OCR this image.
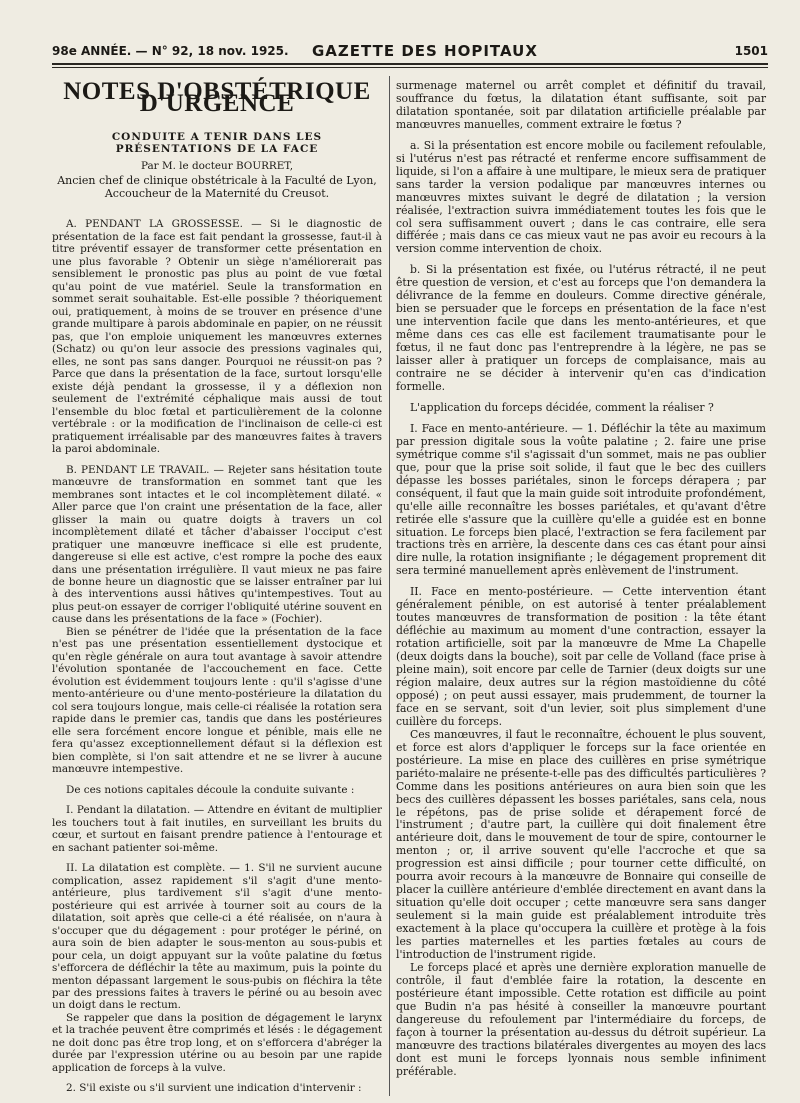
98e ANNÉE. — N° 92, 18 nov. 1925. GAZETTE DES HOPITAUX	1501
NOTES D'OBSTÉTRIQUE D'URGENCE
CONDUITE A TENIR DANS LES PRÉSENTATIONS DE LA FACE
Par M. le docteur BOURRET,
Ancien chef de clinique obstétricale à la Faculté de Lyon,
Accoucheur de la Maternité du Creusot.

A. PENDANT LA GROSSESSE. — Si le diagnostic de présentation de la face est fait pendant la grossesse, faut-il à titre préventif essayer de transformer cette présentation en une plus favorable ? Obtenir un siège n'améliorerait pas sensiblement le pronostic pas plus au point de vue fœtal qu'au point de vue matériel. Seule la transformation en sommet serait souhaitable. Est-elle possible ? théoriquement oui, pratiquement, à moins de se trouver en présence d'une grande multipare à parois abdominale en papier, on ne réussit pas, que l'on emploie uniquement les manœuvres externes (Schatz) ou qu'on leur associe des pressions vaginales qui, elles, ne sont pas sans danger. Pourquoi ne réussit-on pas ? Parce que dans la présentation de la face, surtout lorsqu'elle existe déjà pendant la grossesse, il y a déflexion non seulement de l'extrémité céphalique mais aussi de tout l'ensemble du bloc fœtal et particulièrement de la colonne vertébrale : or la modification de l'inclinaison de celle-ci est pratiquement irréalisable par des manœuvres faites à travers la paroi abdominale.

B. PENDANT LE TRAVAIL. — Rejeter sans hésitation toute manœuvre de transformation en sommet tant que les membranes sont intactes et le col incomplètement dilaté. « Aller parce que l'on craint une présentation de la face, aller glisser la main ou quatre doigts à travers un col incomplètement dilaté et tâcher d'abaisser l'occiput c'est pratiquer une manœuvre inefficace si elle est prudente, dangereuse si elle est active, c'est rompre la poche des eaux dans une présentation irrégulière. Il vaut mieux ne pas faire de bonne heure un diagnostic que se laisser entraîner par lui à des interventions aussi hâtives qu'intempestives. Tout au plus peut-on essayer de corriger l'obliquité utérine souvent en cause dans les présentations de la face » (Fochier).

Bien se pénétrer de l'idée que la présentation de la face n'est pas une présentation essentiellement dystocique et qu'en règle générale on aura tout avantage à savoir attendre l'évolution spontanée de l'accouchement en face. Cette évolution est évidemment toujours lente : qu'il s'agisse d'une mento-antérieure ou d'une mento-postérieure la dilatation du col sera toujours longue, mais celle-ci réalisée la rotation sera rapide dans le premier cas, tandis que dans les postérieures elle sera forcément encore longue et pénible, mais elle ne fera qu'assez exceptionnellement défaut si la déflexion est bien complète, si l'on sait attendre et ne se livrer à aucune manœuvre intempestive.

De ces notions capitales découle la conduite suivante :

I. Pendant la dilatation. — Attendre en évitant de multiplier les touchers tout à fait inutiles, en surveillant les bruits du cœur, et surtout en faisant prendre patience à l'entourage et en sachant patienter soi-même.

II. La dilatation est complète. — 1. S'il ne survient aucune complication, assez rapidement s'il s'agit d'une mento-antérieure, plus tardivement s'il s'agit d'une mento-postérieure qui est arrivée à tourner soit au cours de la dilatation, soit après que celle-ci a été réalisée, on n'aura à s'occuper que du dégagement : pour protéger le périné, on aura soin de bien adapter le sous-menton au sous-pubis et pour cela, un doigt appuyant sur la voûte palatine du fœtus s'efforcera de défléchir la tête au maximum, puis la pointe du menton dépassant largement le sous-pubis on fléchira la tête par des pressions faites à travers le périné ou au besoin avec un doigt dans le rectum.

Se rappeler que dans la position de dégagement le larynx et la trachée peuvent être comprimés et lésés : le dégagement ne doit donc pas être trop long, et on s'efforcera d'abréger la durée par l'expression utérine ou au besoin par une rapide application de forceps à la vulve.

2. S'il existe ou s'il survient une indication d'intervenir :

surmenage maternel ou arrêt complet et définitif du travail, souffrance du fœtus, la dilatation étant suffisante, soit par dilatation spontanée, soit par dilatation artificielle préalable par manœuvres manuelles, comment extraire le fœtus ?

a. Si la présentation est encore mobile ou facilement refoulable, si l'utérus n'est pas rétracté et renferme encore suffisamment de liquide, si l'on a affaire à une multipare, le mieux sera de pratiquer sans tarder la version podalique par manœuvres internes ou manœuvres mixtes suivant le degré de dilatation ; la version réalisée, l'extraction suivra immédiatement toutes les fois que le col sera suffisamment ouvert ; dans le cas contraire, elle sera différée ; mais dans ce cas mieux vaut ne pas avoir eu recours à la version comme intervention de choix.

b. Si la présentation est fixée, ou l'utérus rétracté, il ne peut être question de version, et c'est au forceps que l'on demandera la délivrance de la femme en douleurs. Comme directive générale, bien se persuader que le forceps en présentation de la face n'est une intervention facile que dans les mento-antérieures, et que même dans ces cas elle est facilement traumatisante pour le fœtus, il ne faut donc pas l'entreprendre à la légère, ne pas se laisser aller à pratiquer un forceps de complaisance, mais au contraire ne se décider à intervenir qu'en cas d'indication formelle.

L'application du forceps décidée, comment la réaliser ?

I. Face en mento-antérieure. — 1. Défléchir la tête au maximum par pression digitale sous la voûte palatine ; 2. faire une prise symétrique comme s'il s'agissait d'un sommet, mais ne pas oublier que, pour que la prise soit solide, il faut que le bec des cuillers dépasse les bosses pariétales, sinon le forceps dérapera ; par conséquent, il faut que la main guide soit introduite profondément, qu'elle aille reconnaître les bosses pariétales, et qu'avant d'être retirée elle s'assure que la cuillère qu'elle a guidée est en bonne situation. Le forceps bien placé, l'extraction se fera facilement par tractions très en arrière, la descente dans ces cas étant pour ainsi dire nulle, la rotation insignifiante ; le dégagement proprement dit sera terminé manuellement après enlèvement de l'instrument.

II. Face en mento-postérieure. — Cette intervention étant généralement pénible, on est autorisé à tenter préalablement toutes manœuvres de transformation de position : la tête étant défléchie au maximum au moment d'une contraction, essayer la rotation artificielle, soit par la manœuvre de Mme La Chapelle (deux doigts dans la bouche), soit par celle de Volland (face prise à pleine main), soit encore par celle de Tarnier (deux doigts sur une région malaire, deux autres sur la région mastoïdienne du côté opposé) ; on peut aussi essayer, mais prudemment, de tourner la face en se servant, soit d'un levier, soit plus simplement d'une cuillère du forceps.

Ces manœuvres, il faut le reconnaître, échouent le plus souvent, et force est alors d'appliquer le forceps sur la face orientée en postérieure. La mise en place des cuillères en prise symétrique pariéto-malaire ne présente-t-elle pas des difficultés particulières ? Comme dans les positions antérieures on aura bien soin que les becs des cuillères dépassent les bosses pariétales, sans cela, nous le répétons, pas de prise solide et dérapement forcé de l'instrument ; d'autre part, la cuillère qui doit finalement être antérieure doit, dans le mouvement de tour de spire, contourner le menton ; or, il arrive souvent qu'elle l'accroche et que sa progression est ainsi difficile ; pour tourner cette difficulté, on pourra avoir recours à la manœuvre de Bonnaire qui conseille de placer la cuillère antérieure d'emblée directement en avant dans la situation qu'elle doit occuper ; cette manœuvre sera sans danger seulement si la main guide est préalablement introduite très exactement à la place qu'occupera la cuillère et protège à la fois les parties maternelles et les parties fœtales au cours de l'introduction de l'instrument rigide.

Le forceps placé et après une dernière exploration manuelle de contrôle, il faut d'emblée faire la rotation, la descente en postérieure étant impossible. Cette rotation est difficile au point que Budin n'a pas hésité à conseiller la manœuvre pourtant dangereuse du refoulement par l'intermédiaire du forceps, de façon à tourner la présentation au-dessus du détroit supérieur. La manœuvre des tractions bilatérales divergentes au moyen des lacs dont est muni le forceps lyonnais nous semble infiniment préférable.
